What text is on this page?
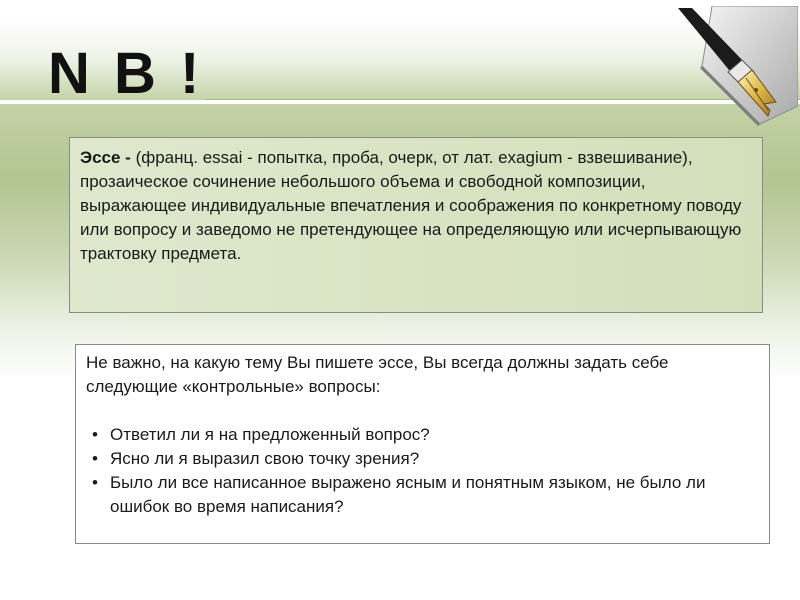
N B !
Эссе - (франц. essai - попытка, проба, очерк, от лат. exagium - взвешивание), прозаическое сочинение небольшого объема и свободной композиции, выражающее индивидуальные впечатления и соображения по конкретному поводу или вопросу и заведомо не претендующее на определяющую или исчерпывающую трактовку предмета.

Не важно, на какую тему Вы пишете эссе, Вы всегда должны задать себе следующие «контрольные» вопросы:

• Ответил ли я на предложенный вопрос?
• Ясно ли я выразил свою точку зрения?
• Было ли все написанное выражено ясным и понятным языком, не было ли ошибок во время написания?
